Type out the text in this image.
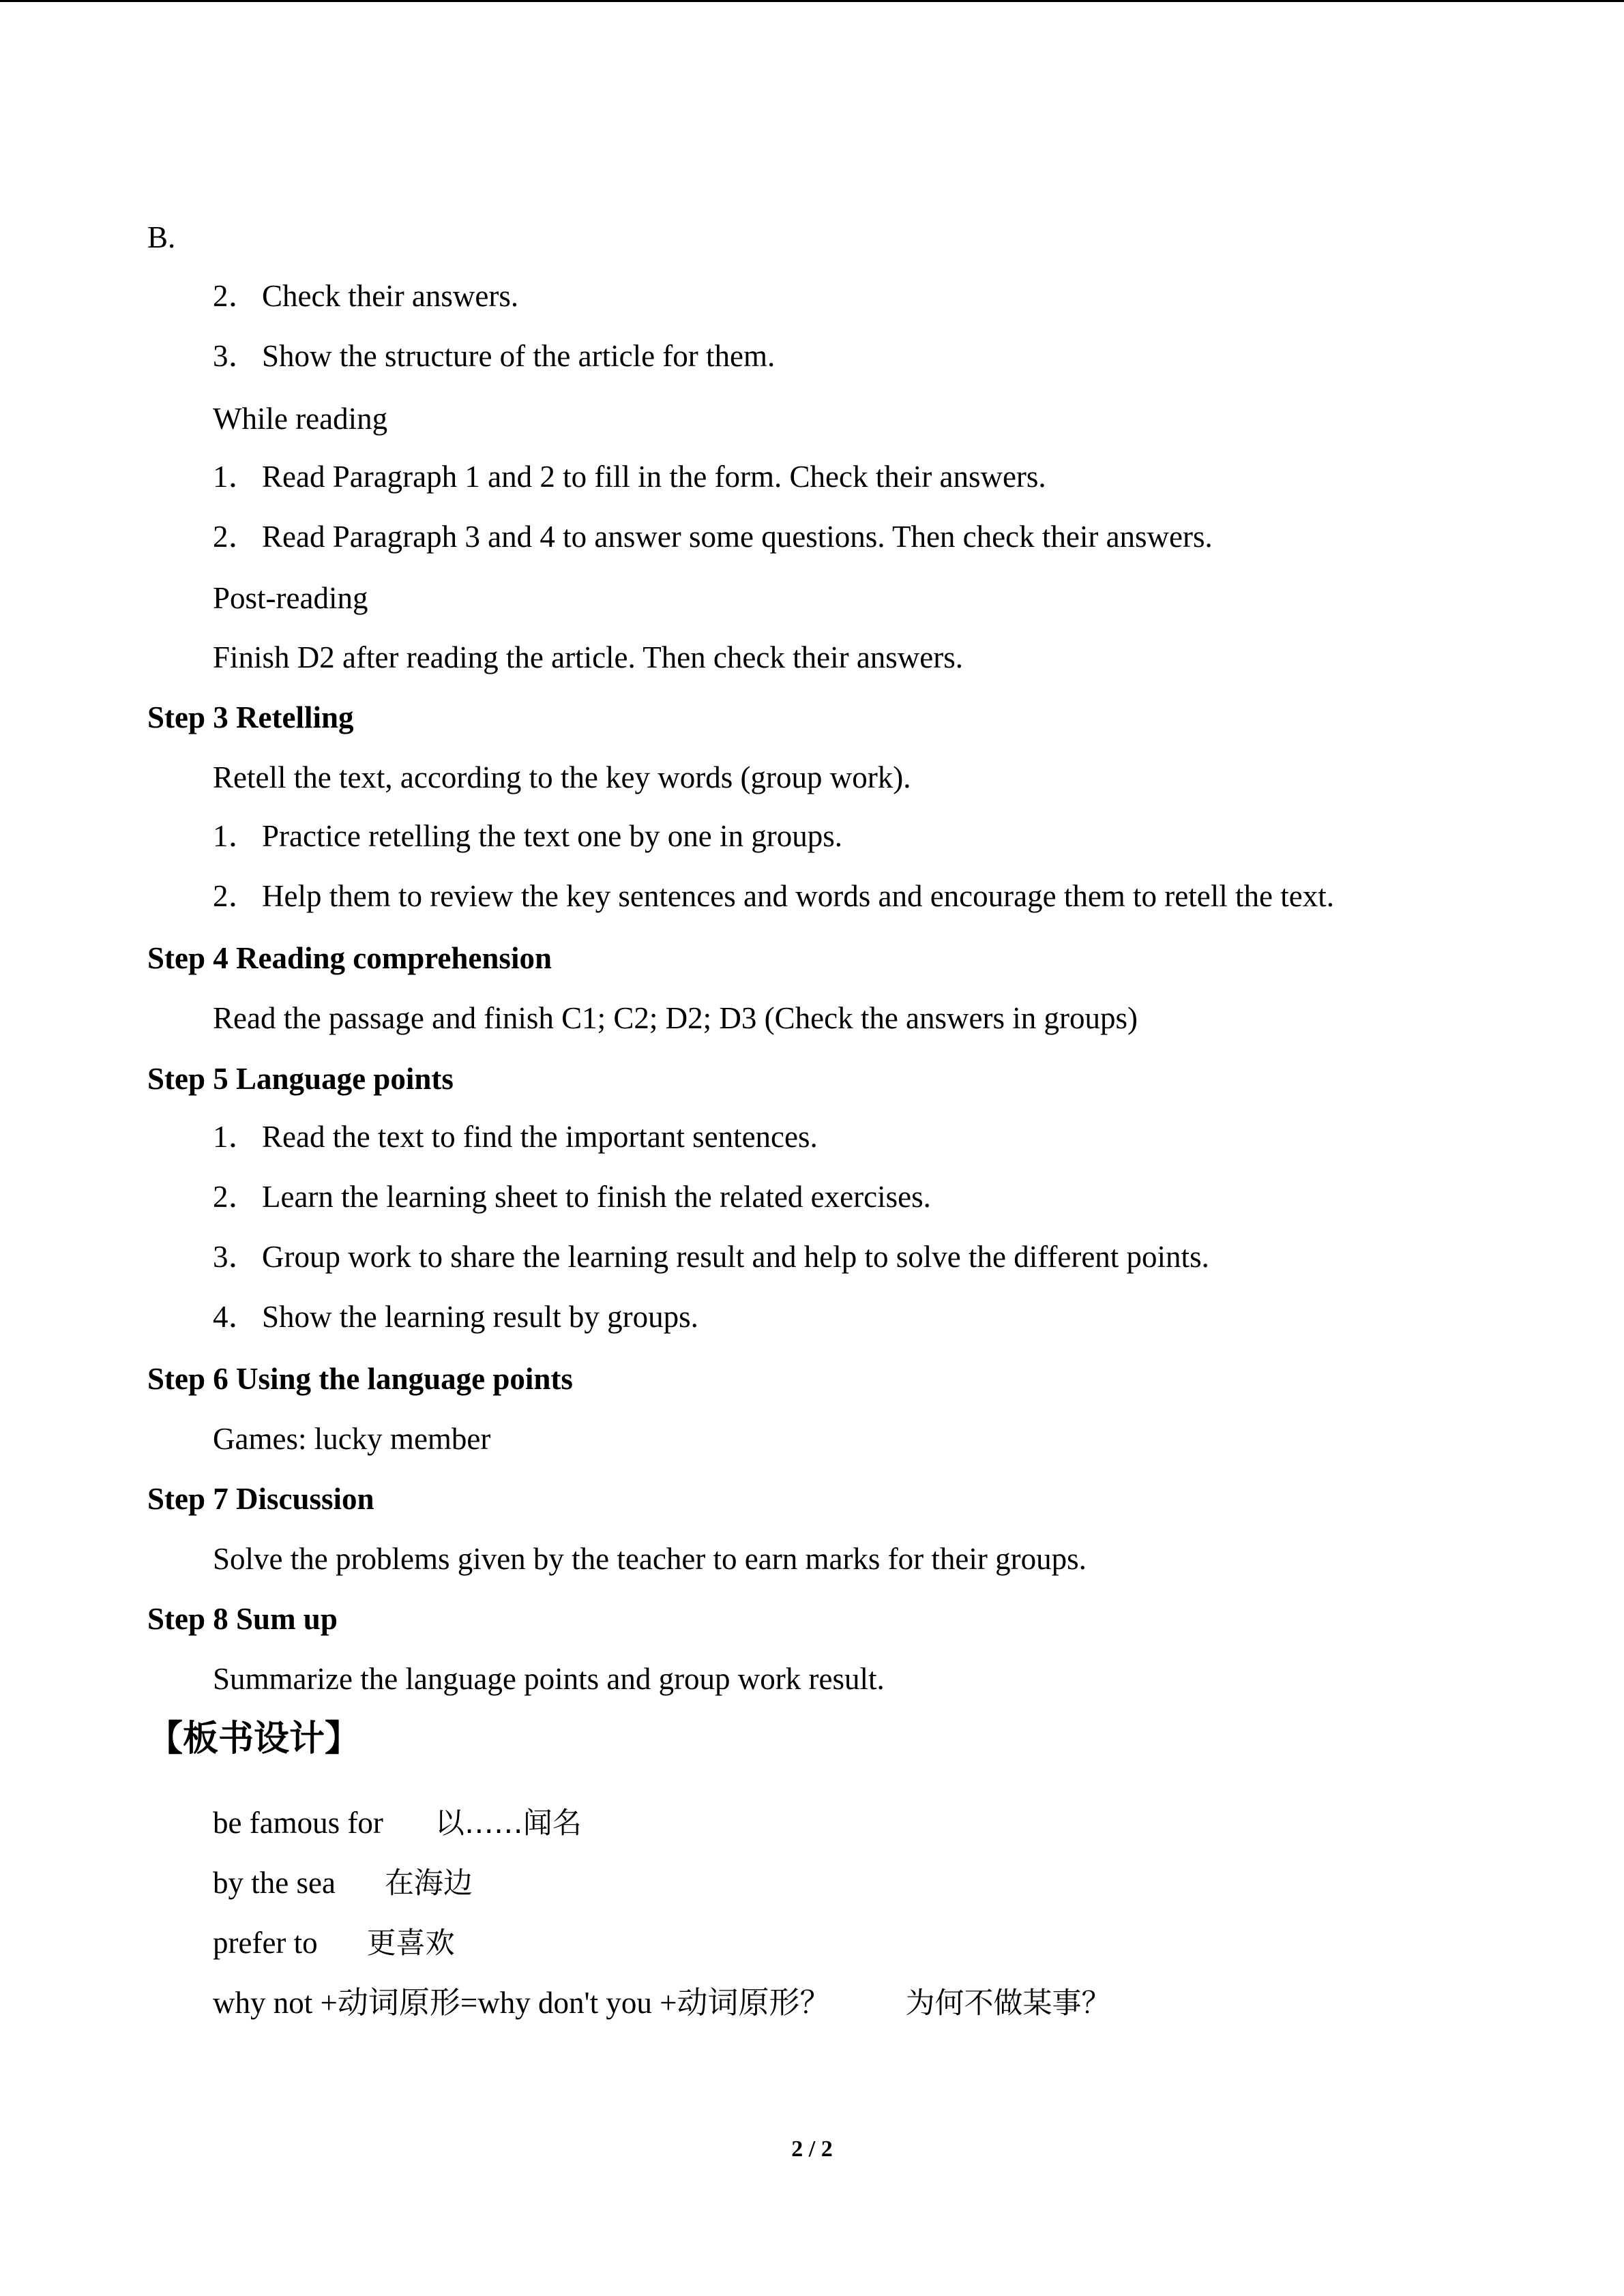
B.
2．Check their answers.
3．Show the structure of the article for them.
While reading
1．Read Paragraph 1 and 2 to fill in the form. Check their answers.
2．Read Paragraph 3 and 4 to answer some questions. Then check their answers.
Post-reading
Finish D2 after reading the article. Then check their answers.
Step 3 Retelling
Retell the text, according to the key words (group work).
1．Practice retelling the text one by one in groups.
2．Help them to review the key sentences and words and encourage them to retell the text.
Step 4 Reading comprehension
Read the passage and finish C1; C2; D2; D3 (Check the answers in groups)
Step 5 Language points
1．Read the text to find the important sentences.
2．Learn the learning sheet to finish the related exercises.
3．Group work to share the learning result and help to solve the different points.
4．Show the learning result by groups.
Step 6 Using the language points
Games: lucky member
Step 7 Discussion
Solve the problems given by the teacher to earn marks for their groups.
Step 8 Sum up
Summarize the language points and group work result.
【板书设计】
be famous for 以……闻名
by the sea 在海边
prefer to 更喜欢
why not +动词原形=why don't you +动词原形？	为何不做某事？
2 / 2
